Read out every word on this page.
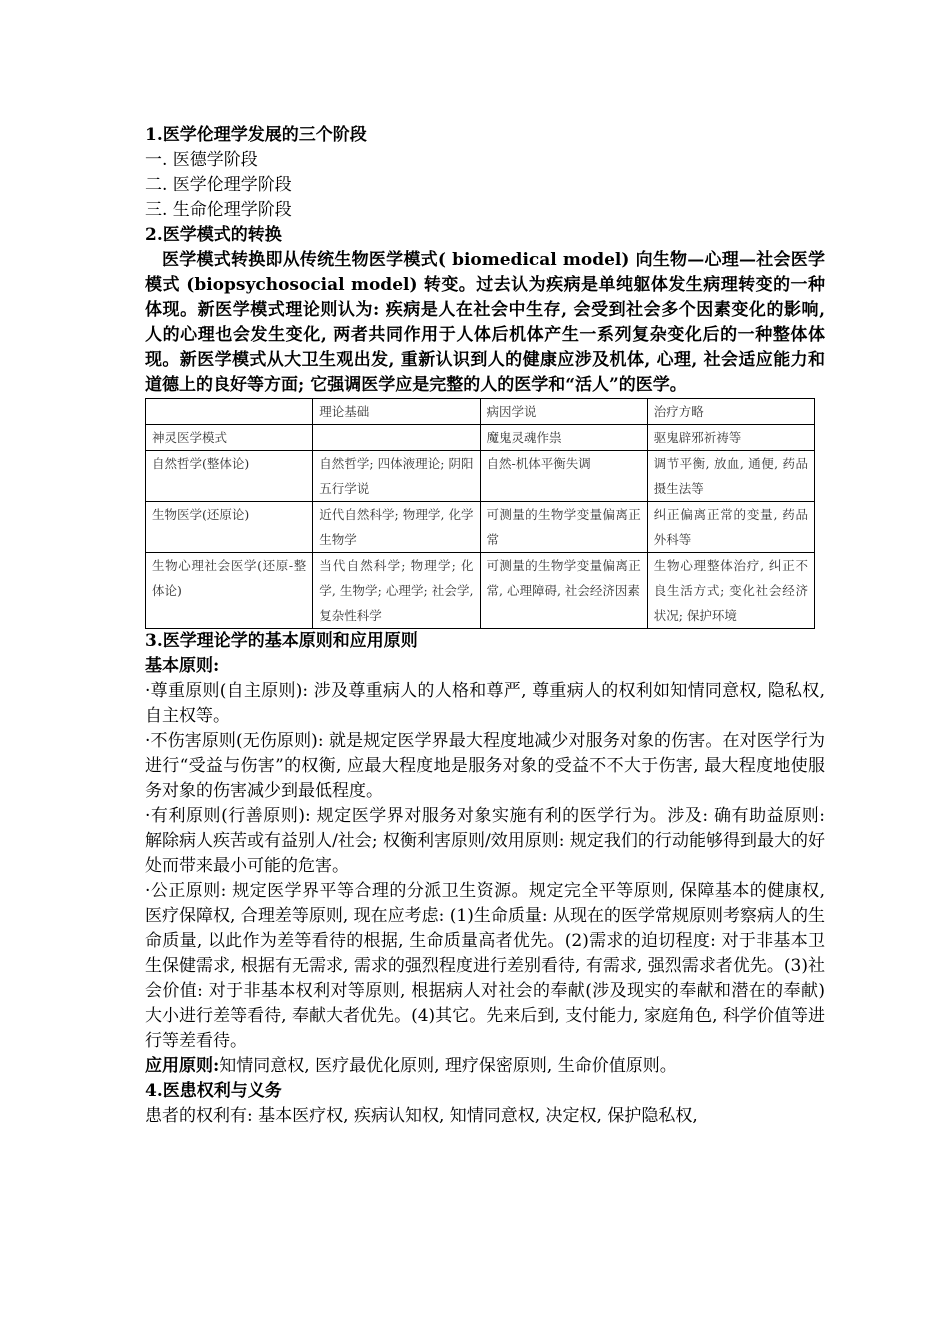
1.医学伦理学发展的三个阶段
一. 医德学阶段
二. 医学伦理学阶段
三. 生命伦理学阶段
2.医学模式的转换
医学模式转换即从传统生物医学模式( biomedical model) 向生物—心理—社会医学模式 (biopsychosocial model) 转变。过去认为疾病是单纯躯体发生病理转变的一种体现。新医学模式理论则认为: 疾病是人在社会中生存, 会受到社会多个因素变化的影响, 人的心理也会发生变化, 两者共同作用于人体后机体产生一系列复杂变化后的一种整体体现。新医学模式从大卫生观出发, 重新认识到人的健康应涉及机体, 心理, 社会适应能力和道德上的良好等方面; 它强调医学应是完整的人的医学和“活人”的医学。
	理论基础	病因学说	治疗方略
神灵医学模式		魔鬼灵魂作祟	驱鬼辟邪祈祷等
自然哲学(整体论)	自然哲学; 四体液理论; 阴阳五行学说	自然-机体平衡失调	调节平衡, 放血, 通便, 药品摄生法等
生物医学(还原论)	近代自然科学; 物理学, 化学生物学	可测量的生物学变量偏离正常	纠正偏离正常的变量, 药品外科等
生物心理社会医学(还原-整体论)	当代自然科学; 物理学; 化学, 生物学; 心理学; 社会学, 复杂性科学	可测量的生物学变量偏离正常, 心理障碍, 社会经济因素	生物心理整体治疗, 纠正不良生活方式; 变化社会经济状况; 保护环境
3.医学理论学的基本原则和应用原则
基本原则:
·尊重原则(自主原则): 涉及尊重病人的人格和尊严, 尊重病人的权利如知情同意权, 隐私权, 自主权等。
·不伤害原则(无伤原则): 就是规定医学界最大程度地减少对服务对象的伤害。在对医学行为进行“受益与伤害”的权衡, 应最大程度地是服务对象的受益不不大于伤害, 最大程度地使服务对象的伤害减少到最低程度。
·有利原则(行善原则): 规定医学界对服务对象实施有利的医学行为。涉及: 确有助益原则: 解除病人疾苦或有益别人/社会; 权衡利害原则/效用原则: 规定我们的行动能够得到最大的好处而带来最小可能的危害。
·公正原则: 规定医学界平等合理的分派卫生资源。规定完全平等原则, 保障基本的健康权, 医疗保障权, 合理差等原则, 现在应考虑: (1)生命质量: 从现在的医学常规原则考察病人的生命质量, 以此作为差等看待的根据, 生命质量高者优先。(2)需求的迫切程度: 对于非基本卫生保健需求, 根据有无需求, 需求的强烈程度进行差别看待, 有需求, 强烈需求者优先。(3)社会价值: 对于非基本权利对等原则, 根据病人对社会的奉献(涉及现实的奉献和潜在的奉献)大小进行差等看待, 奉献大者优先。(4)其它。先来后到, 支付能力, 家庭角色, 科学价值等进行等差看待。
应用原则:知情同意权, 医疗最优化原则, 理疗保密原则, 生命价值原则。
4.医患权利与义务
患者的权利有: 基本医疗权, 疾病认知权, 知情同意权, 决定权, 保护隐私权,
